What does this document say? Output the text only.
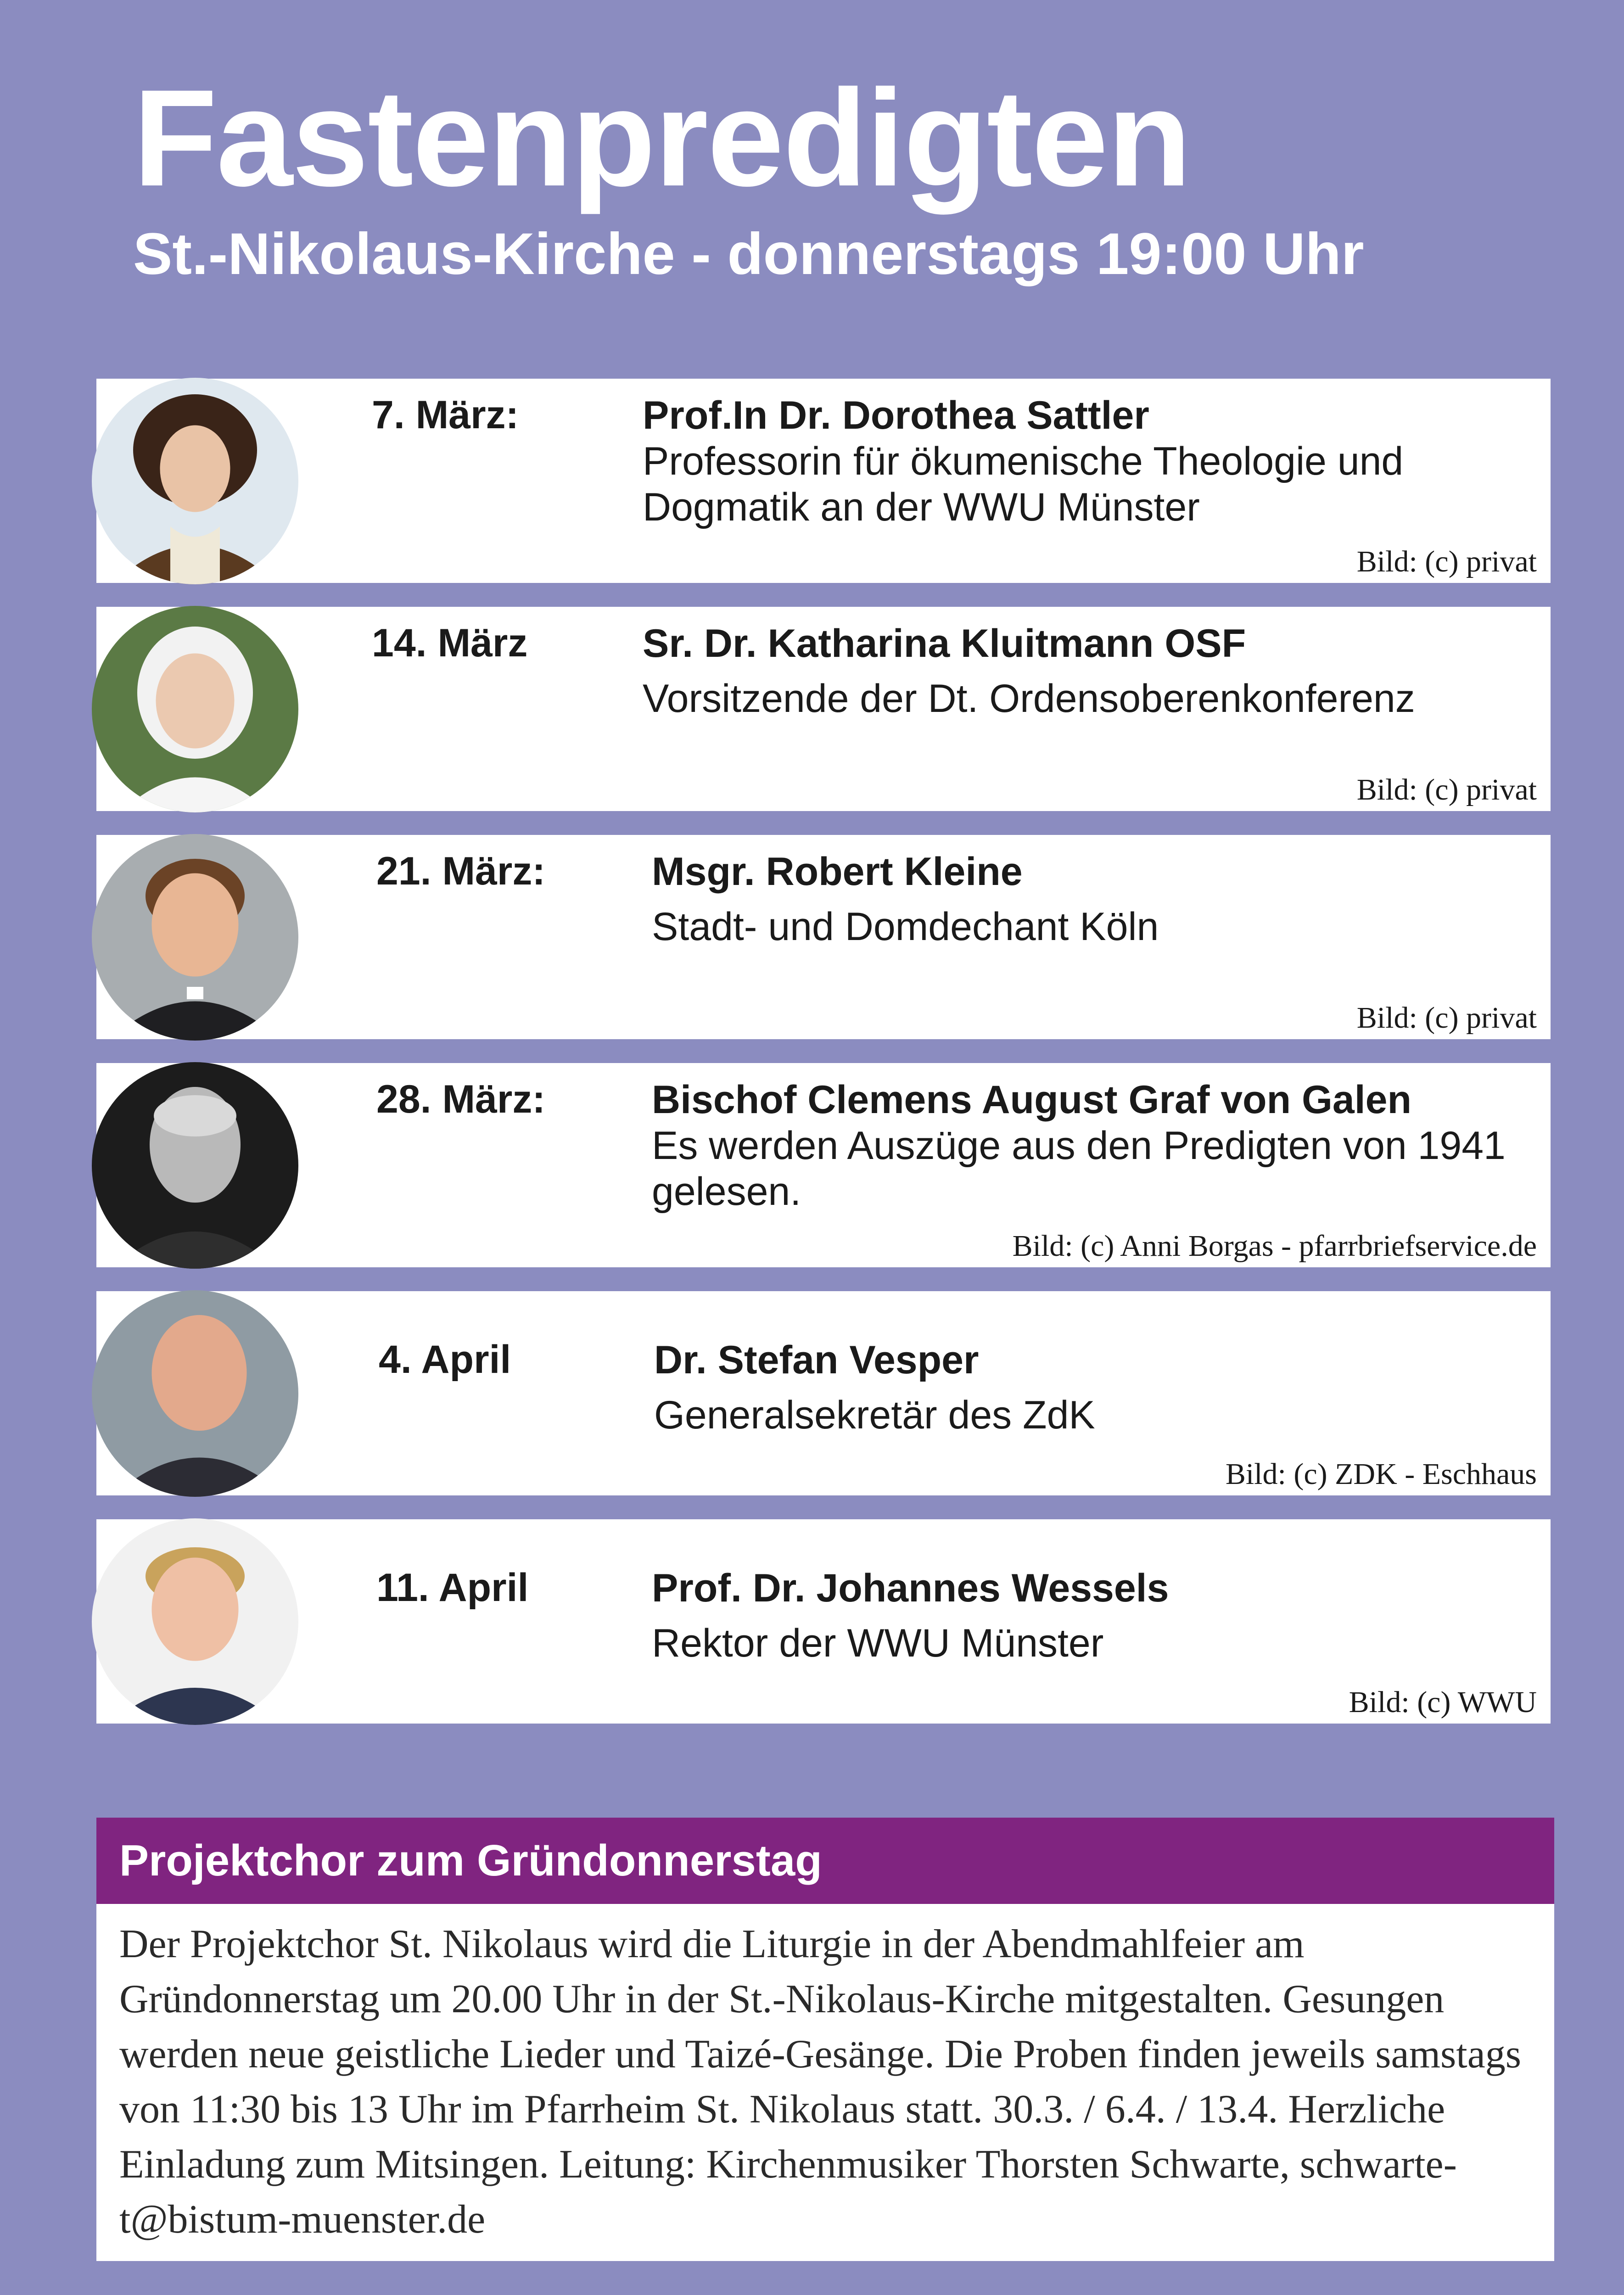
Fastenpredigten
St.-Nikolaus-Kirche - donnerstags 19:00 Uhr
7. März:	Prof.In Dr. Dorothea Sattler
Professorin für ökumenische Theologie und Dogmatik an der WWU Münster
Bild: (c) privat
14. März	Sr. Dr. Katharina Kluitmann OSF
Vorsitzende der Dt. Ordensoberenkonferenz
Bild: (c) privat
21. März:	Msgr. Robert Kleine
Stadt- und Domdechant Köln
Bild: (c) privat
28. März:	Bischof Clemens August Graf von Galen
Es werden Auszüge aus den Predigten von 1941 gelesen.
Bild: (c) Anni Borgas - pfarrbriefservice.de
4. April	Dr. Stefan Vesper
Generalsekretär des ZdK
Bild: (c) ZDK - Eschhaus
11. April	Prof. Dr. Johannes Wessels
Rektor der WWU Münster
Bild: (c) WWU
Projektchor zum Gründonnerstag
Der Projektchor St. Nikolaus wird die Liturgie in der Abendmahlfeier am Gründonnerstag um 20.00 Uhr in der St.-Nikolaus-Kirche mitgestalten. Gesungen werden neue geistliche Lieder und Taizé-Gesänge. Die Proben finden jeweils samstags von 11:30 bis 13 Uhr im Pfarrheim St. Nikolaus statt. 30.3. / 6.4. / 13.4. Herzliche Einladung zum Mitsingen. Leitung: Kirchenmusiker Thorsten Schwarte, schwarte-t@bistum-muenster.de
